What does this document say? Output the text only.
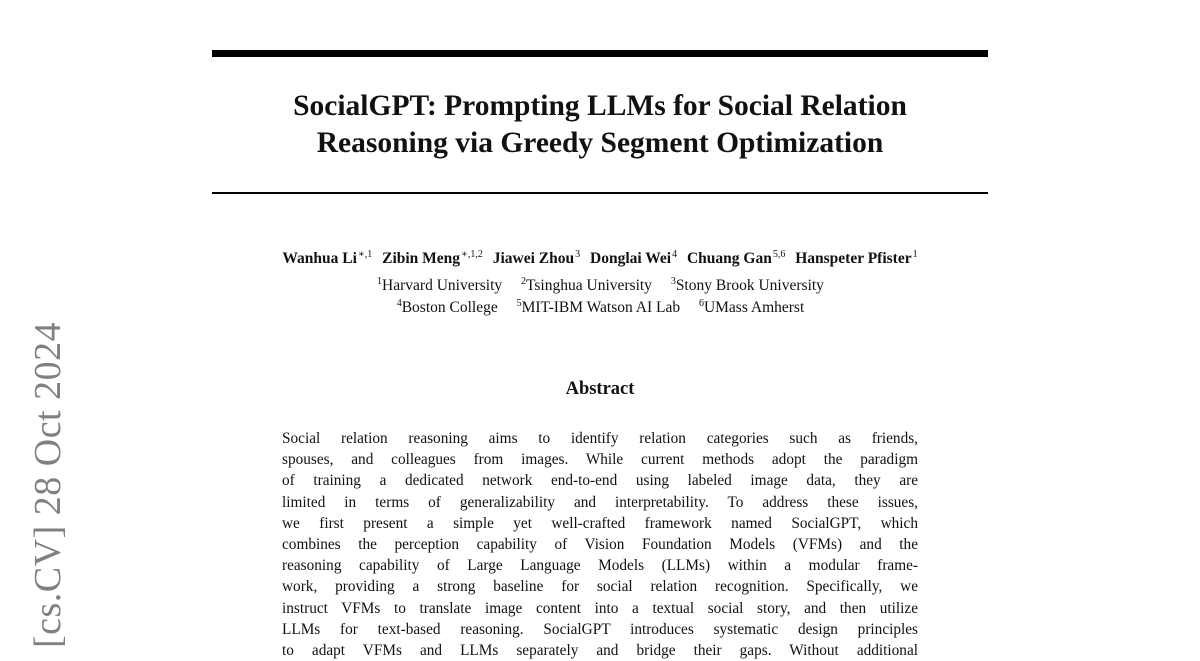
SocialGPT: Prompting LLMs for Social Relation
Reasoning via Greedy Segment Optimization
Wanhua $Li^{∗,1}$ Zibin Meng$^{∗,1,2}$ Jiawei Zhou$^3$ Donglai Wei$^4$ Chuang Gan$^{5,6}$ Hanspeter Pfister$^1$
$^1$Harvard University $^2$Tsinghua University $^3$Stony Brook University
$^4$Boston College $^5$MIT-IBM Watson AI Lab $^6$UMass Amherst
Abstract
Social relation reasoning aims to identify relation categories such as friends,
spouses, and colleagues from images. While current methods adopt the paradigm
of training a dedicated network end-to-end using labeled image data, they are
limited in terms of generalizability and interpretability. To address these issues,
we first present a simple yet well-crafted framework named SocialGPT, which
combines the perception capability of Vision Foundation Models (VFMs) and the
reasoning capability of Large Language Models (LLMs) within a modular frame-
work, providing a strong baseline for social relation recognition. Specifically, we
instruct VFMs to translate image content into a textual social story, and then utilize
LLMs for text-based reasoning. SocialGPT introduces systematic design principles
to adapt VFMs and LLMs separately and bridge their gaps. Without additional
[cs.CV] 28 Oct 2024
